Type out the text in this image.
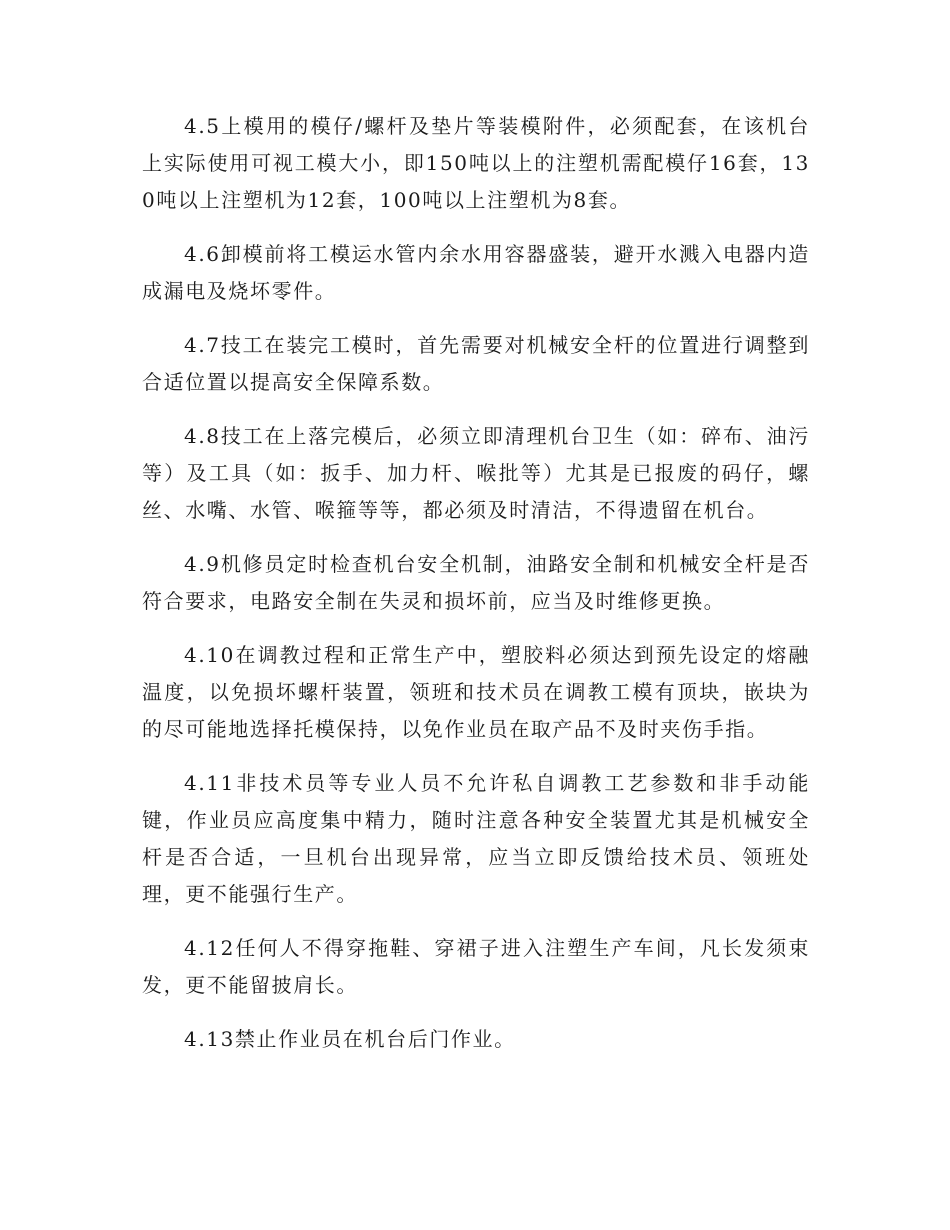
4.5上模用的模仔/螺杆及垫片等装模附件，必须配套，在该机台上实际使用可视工模大小，即150吨以上的注塑机需配模仔16套，130吨以上注塑机为12套，100吨以上注塑机为8套。

4.6卸模前将工模运水管内余水用容器盛装，避开水溅入电器内造成漏电及烧坏零件。

4.7技工在装完工模时，首先需要对机械安全杆的位置进行调整到合适位置以提高安全保障系数。

4.8技工在上落完模后，必须立即清理机台卫生（如：碎布、油污等）及工具（如：扳手、加力杆、喉批等）尤其是已报废的码仔，螺丝、水嘴、水管、喉箍等等，都必须及时清洁，不得遗留在机台。

4.9机修员定时检查机台安全机制，油路安全制和机械安全杆是否符合要求，电路安全制在失灵和损坏前，应当及时维修更换。

4.10在调教过程和正常生产中，塑胶料必须达到预先设定的熔融温度，以免损坏螺杆装置，领班和技术员在调教工模有顶块，嵌块为的尽可能地选择托模保持，以免作业员在取产品不及时夹伤手指。

4.11非技术员等专业人员不允许私自调教工艺参数和非手动能键，作业员应高度集中精力，随时注意各种安全装置尤其是机械安全杆是否合适，一旦机台出现异常，应当立即反馈给技术员、领班处理，更不能强行生产。

4.12任何人不得穿拖鞋、穿裙子进入注塑生产车间，凡长发须束发，更不能留披肩长。

4.13禁止作业员在机台后门作业。
